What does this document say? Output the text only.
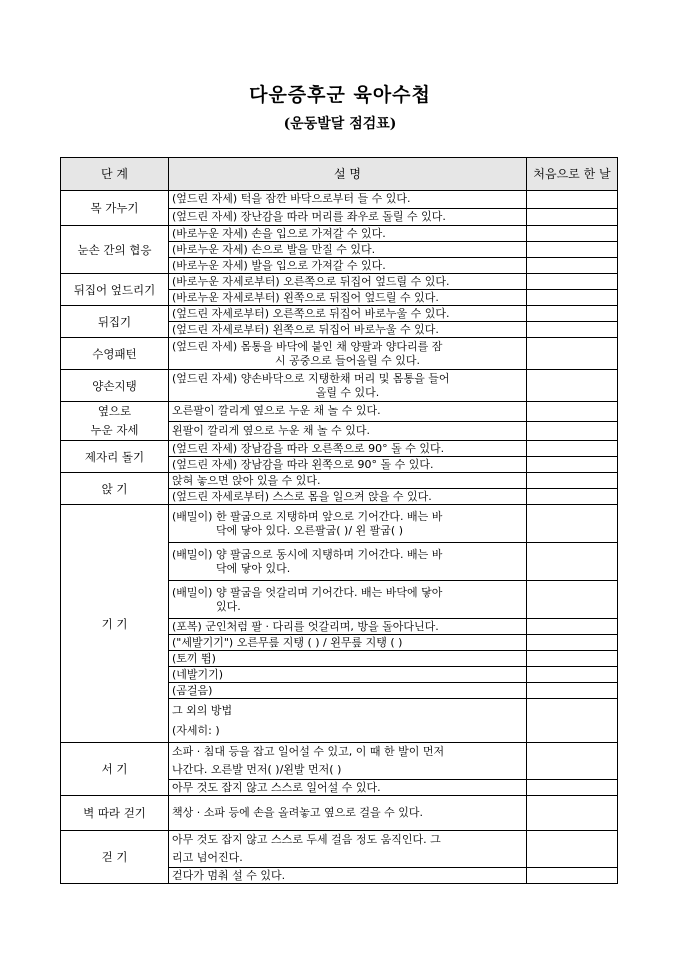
다운증후군 육아수첩
(운동발달 점검표)
단 계	설 명	처음으로 한 날
목 가누기	(엎드린 자세) 턱을 잠깐 바닥으로부터 들 수 있다.	
	(엎드린 자세) 장난감을 따라 머리를 좌우로 돌릴 수 있다.	
눈손 간의 협응	(바로누운 자세) 손을 입으로 가져갈 수 있다.	
	(바로누운 자세) 손으로 발을 만질 수 있다.	
	(바로누운 자세) 발을 입으로 가져갈 수 있다.	
뒤집어 엎드리기	(바로누운 자세로부터) 오른쪽으로 뒤집어 엎드릴 수 있다.	
	(바로누운 자세로부터) 왼쪽으로 뒤집어 엎드릴 수 있다.	
뒤집기	(엎드린 자세로부터) 오른쪽으로 뒤집어 바로누울 수 있다.	
	(엎드린 자세로부터) 왼쪽으로 뒤집어 바로누울 수 있다.	
수영패턴	(엎드린 자세) 몸통을 바닥에 붙인 채 양팔과 양다리를 잠
시 공중으로 들어올릴 수 있다.	

양손지탱	(엎드린 자세) 양손바닥으로 지탱한채 머리 및 몸통을 들어
올릴 수 있다.	

옆으로
누운 자세	오른팔이 깔리게 옆으로 누운 채 놀 수 있다.	
	왼팔이 깔리게 옆으로 누운 채 놀 수 있다.	
제자리 돌기	(엎드린 자세) 장남감을 따라 오른쪽으로 90° 돌 수 있다.	
	(엎드린 자세) 장남감을 따라 왼쪽으로 90° 돌 수 있다.	
앉 기	앉혀 놓으면 앉아 있을 수 있다.	
	(엎드린 자세로부터) 스스로 몸을 일으켜 앉을 수 있다.	
기 기	(배밀이) 한 팔굽으로 지탱하며 앞으로 기어간다. 배는 바
닥에 닿아 있다. 오른팔굽( )/ 왼 팔굽( )	

	(배밀이) 양 팔굽으로 동시에 지탱하며 기어간다. 배는 바
닥에 닿아 있다.	

	(배밀이) 양 팔굽을 엇갈리며 기어간다. 배는 바닥에 닿아
있다.	

	(포복) 군인처럼 팔 · 다리를 엇갈리며, 방을 돌아다닌다.	
	("세발기기") 오른무릎 지탱 ( ) / 왼무릎 지탱 ( )	
	(토끼 뜀)	
	(네발기기)	
	(곰걸음)	

	그 외의 방법
(자세히: )	

서 기	소파 · 침대 등을 잡고 일어설 수 있고, 이 때 한 발이 먼저
나간다. 오른발 먼저( )/왼발 먼저( )	

	아무 것도 잡지 않고 스스로 일어설 수 있다.	
벽 따라 걷기	책상 · 소파 등에 손을 올려놓고 옆으로 걸을 수 있다.	
걷 기	아무 것도 잡지 않고 스스로 두세 걸음 정도 움직인다. 그
리고 넘어진다.	

	걷다가 멈춰 설 수 있다.	
